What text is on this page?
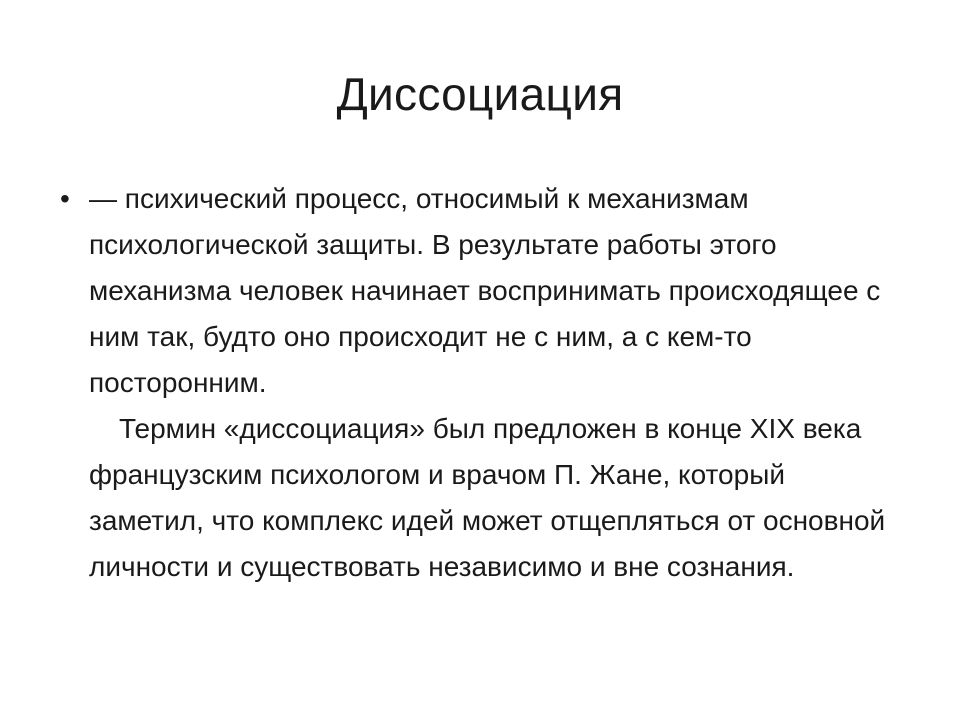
Диссоциация
• — психический процесс, относимый к механизмам психологической защиты. В результате работы этого механизма человек начинает воспринимать происходящее с ним так, будто оно происходит не с ним, а с кем-то посторонним.

Термин «диссоциация» был предложен в конце XIX века французским психологом и врачом П. Жане, который заметил, что комплекс идей может отщепляться от основной личности и существовать независимо и вне сознания.
